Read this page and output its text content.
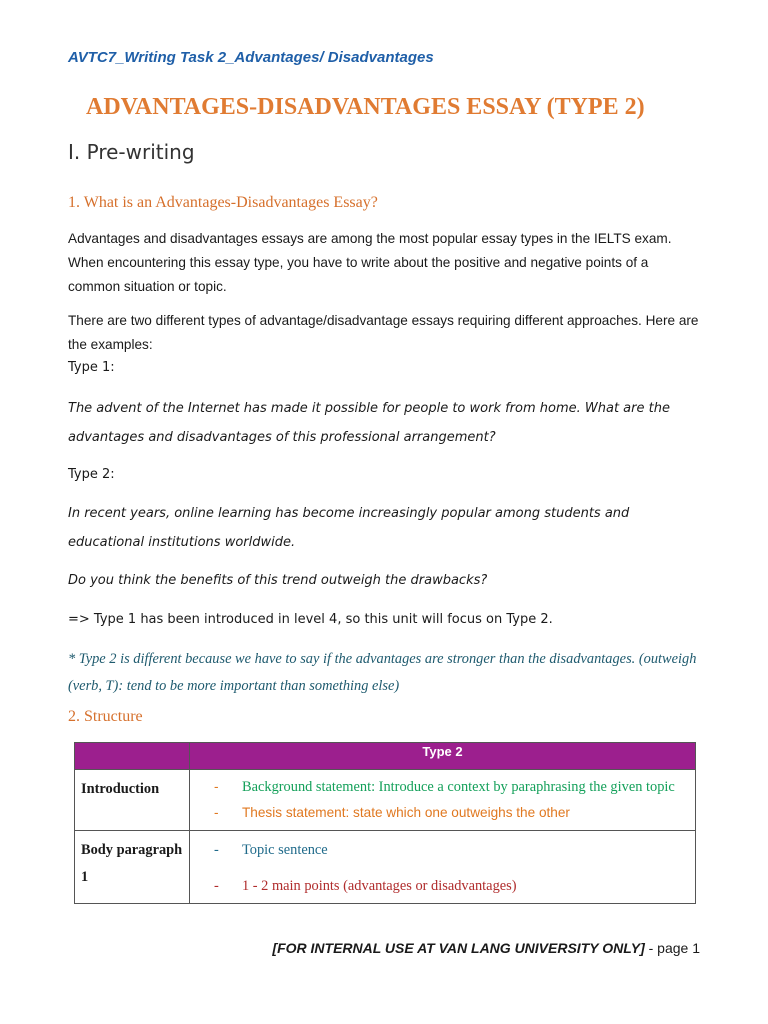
AVTC7_Writing Task 2_Advantages/ Disadvantages
ADVANTAGES-DISADVANTAGES ESSAY (TYPE 2)
I. Pre-writing
1. What is an Advantages-Disadvantages Essay?
Advantages and disadvantages essays are among the most popular essay types in the IELTS exam. When encountering this essay type, you have to write about the positive and negative points of a common situation or topic.
There are two different types of advantage/disadvantage essays requiring different approaches. Here are the examples:
Type 1:
The advent of the Internet has made it possible for people to work from home. What are the advantages and disadvantages of this professional arrangement?
Type 2:
In recent years, online learning has become increasingly popular among students and educational institutions worldwide.
Do you think the benefits of this trend outweigh the drawbacks?
=> Type 1 has been introduced in level 4, so this unit will focus on Type 2.
* Type 2 is different because we have to say if the advantages are stronger than the disadvantages. (outweigh (verb, T): tend to be more important than something else)
2. Structure
	Type 2
Introduction	- Background statement: Introduce a context by paraphrasing the given topic
- Thesis statement: state which one outweighs the other

Body paragraph 1	- Topic sentence
- 1 - 2 main points (advantages or disadvantages)
[FOR INTERNAL USE AT VAN LANG UNIVERSITY ONLY] - page 1
